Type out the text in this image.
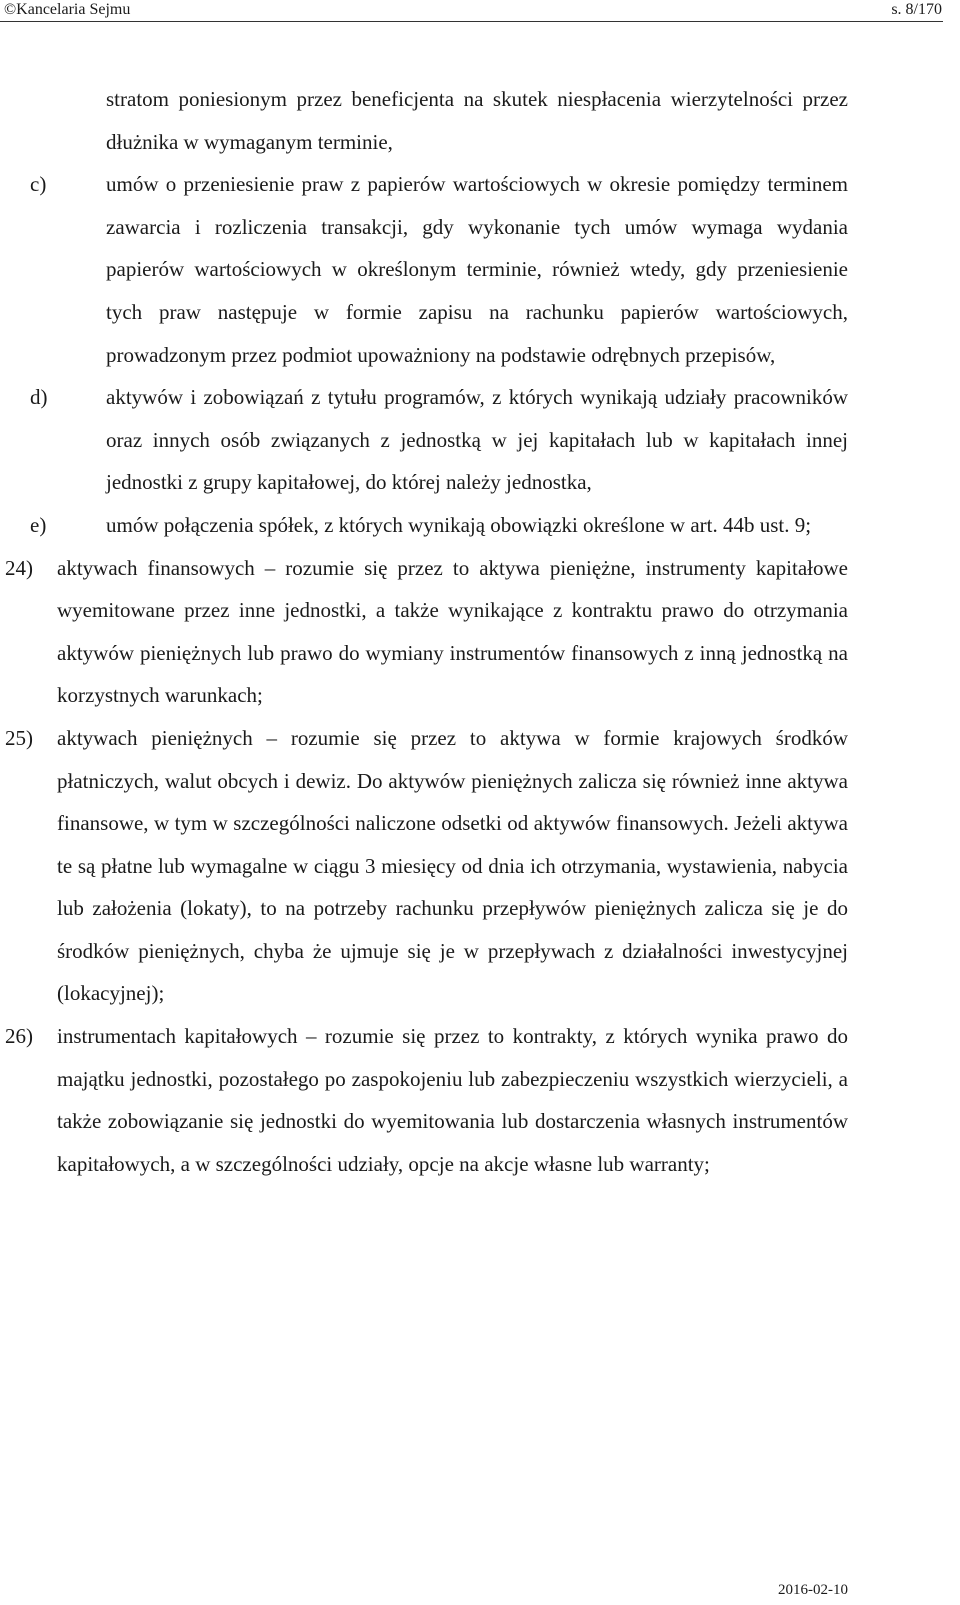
©Kancelaria Sejmu	s. 8/170
stratom poniesionym przez beneficjenta na skutek niespłacenia wierzytelności przez dłużnika w wymaganym terminie,
c)	umów o przeniesienie praw z papierów wartościowych w okresie pomiędzy terminem zawarcia i rozliczenia transakcji, gdy wykonanie tych umów wymaga wydania papierów wartościowych w określonym terminie, również wtedy, gdy przeniesienie tych praw następuje w formie zapisu na rachunku papierów wartościowych, prowadzonym przez podmiot upoważniony na podstawie odrębnych przepisów,
d)	aktywów i zobowiązań z tytułu programów, z których wynikają udziały pracowników oraz innych osób związanych z jednostką w jej kapitałach lub w kapitałach innej jednostki z grupy kapitałowej, do której należy jednostka,
e)	umów połączenia spółek, z których wynikają obowiązki określone w art. 44b ust. 9;
24) aktywach finansowych – rozumie się przez to aktywa pieniężne, instrumenty kapitałowe wyemitowane przez inne jednostki, a także wynikające z kontraktu prawo do otrzymania aktywów pieniężnych lub prawo do wymiany instrumentów finansowych z inną jednostką na korzystnych warunkach;
25) aktywach pieniężnych – rozumie się przez to aktywa w formie krajowych środków płatniczych, walut obcych i dewiz. Do aktywów pieniężnych zalicza się również inne aktywa finansowe, w tym w szczególności naliczone odsetki od aktywów finansowych. Jeżeli aktywa te są płatne lub wymagalne w ciągu 3 miesięcy od dnia ich otrzymania, wystawienia, nabycia lub założenia (lokaty), to na potrzeby rachunku przepływów pieniężnych zalicza się je do środków pieniężnych, chyba że ujmuje się je w przepływach z działalności inwestycyjnej (lokacyjnej);
26) instrumentach kapitałowych – rozumie się przez to kontrakty, z których wynika prawo do majątku jednostki, pozostałego po zaspokojeniu lub zabezpieczeniu wszystkich wierzycieli, a także zobowiązanie się jednostki do wyemitowania lub dostarczenia własnych instrumentów kapitałowych, a w szczególności udziały, opcje na akcje własne lub warranty;
2016-02-10
